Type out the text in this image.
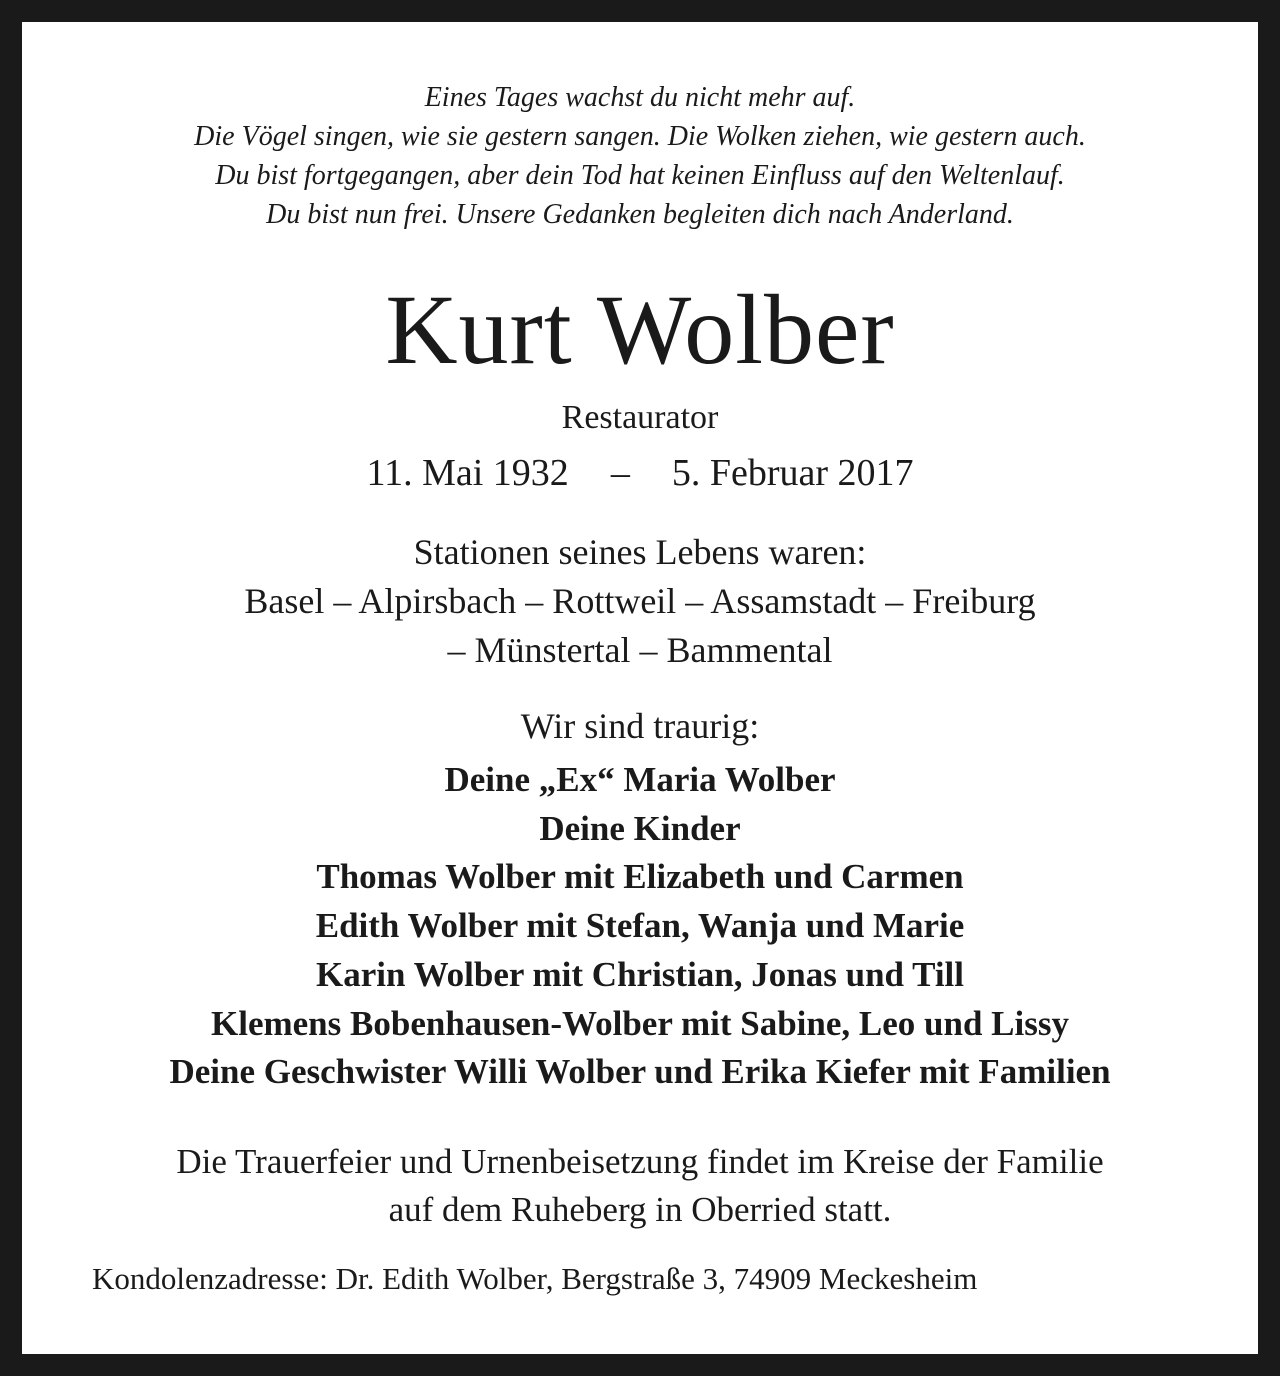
Eines Tages wachst du nicht mehr auf.
Die Vögel singen, wie sie gestern sangen. Die Wolken ziehen, wie gestern auch.
Du bist fortgegangen, aber dein Tod hat keinen Einfluss auf den Weltenlauf.
Du bist nun frei. Unsere Gedanken begleiten dich nach Anderland.
Kurt Wolber
Restaurator
11. Mai 1932 – 5. Februar 2017
Stationen seines Lebens waren:
Basel – Alpirsbach – Rottweil – Assamstadt – Freiburg
– Münstertal – Bammental
Wir sind traurig:
Deine „Ex“ Maria Wolber
Deine Kinder
Thomas Wolber mit Elizabeth und Carmen
Edith Wolber mit Stefan, Wanja und Marie
Karin Wolber mit Christian, Jonas und Till
Klemens Bobenhausen-Wolber mit Sabine, Leo und Lissy
Deine Geschwister Willi Wolber und Erika Kiefer mit Familien
Die Trauerfeier und Urnenbeisetzung findet im Kreise der Familie
auf dem Ruheberg in Oberried statt.
Kondolenzadresse: Dr. Edith Wolber, Bergstraße 3, 74909 Meckesheim
